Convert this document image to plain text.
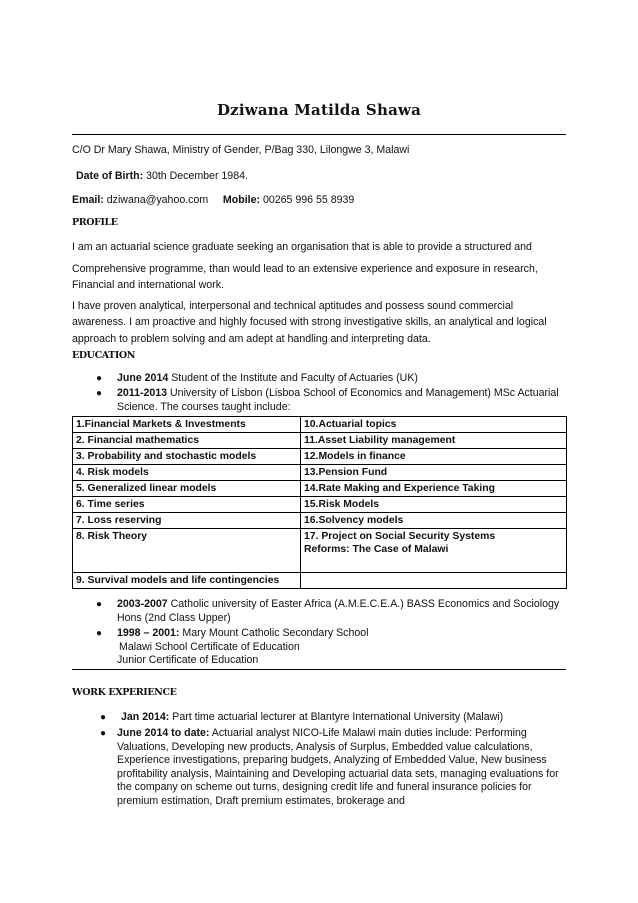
Dziwana Matilda Shawa
C/O Dr Mary Shawa, Ministry of Gender, P/Bag 330, Lilongwe 3, Malawi
Date of Birth: 30th December 1984.
Email: dziwana@yahoo.com Mobile: 00265 996 55 8939
PROFILE

I am an actuarial science graduate seeking an organisation that is able to provide a structured and

Comprehensive programme, than would lead to an extensive experience and exposure in research, Financial and international work.

I have proven analytical, interpersonal and technical aptitudes and possess sound commercial awareness. I am proactive and highly focused with strong investigative skills, an analytical and logical approach to problem solving and am adept at handling and interpreting data.

EDUCATION
● June 2014 Student of the Institute and Faculty of Actuaries (UK)
● 2011-2013 University of Lisbon (Lisboa School of Economics and Management) MSc Actuarial Science. The courses taught include:
1.Financial Markets & Investments	10.Actuarial topics
2. Financial mathematics	11.Asset Liability management
3. Probability and stochastic models	12.Models in finance
4. Risk models	13.Pension Fund
5. Generalized linear models	14.Rate Making and Experience Taking
6. Time series	15.Risk Models
7. Loss reserving	16.Solvency models
8. Risk Theory	17. Project on Social Security Systems Reforms: The Case of Malawi
9. Survival models and life contingencies	
● 2003-2007 Catholic university of Easter Africa (A.M.E.C.E.A.) BASS Economics and Sociology Hons (2nd Class Upper)
● 1998 – 2001: Mary Mount Catholic Secondary School
Malawi School Certificate of Education
Junior Certificate of Education
WORK EXPERIENCE
● Jan 2014: Part time actuarial lecturer at Blantyre International University (Malawi)
● June 2014 to date: Actuarial analyst NICO-Life Malawi main duties include: Performing Valuations, Developing new products, Analysis of Surplus, Embedded value calculations, Experience investigations, preparing budgets, Analyzing of Embedded Value, New business profitability analysis, Maintaining and Developing actuarial data sets, managing evaluations for the company on scheme out turns, designing credit life and funeral insurance policies for premium estimation, Draft premium estimates, brokerage and
